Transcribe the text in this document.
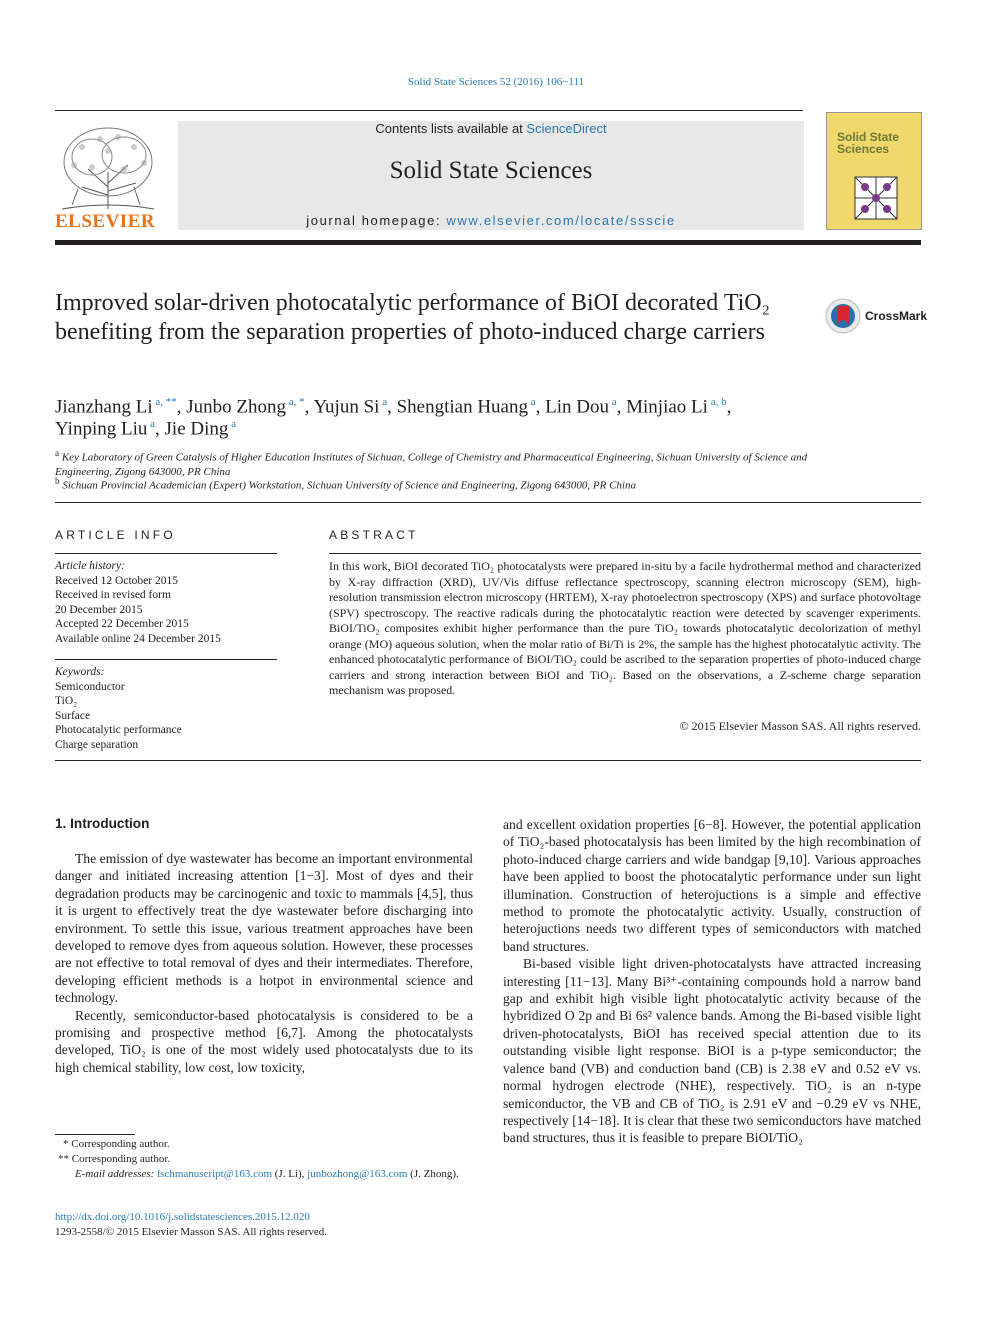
Solid State Sciences 52 (2016) 106−111
ELSEVIER
Contents lists available at ScienceDirect
Solid State Sciences
journal homepage: www.elsevier.com/locate/ssscie
Solid State Sciences
Improved solar-driven photocatalytic performance of BiOI decorated TiO₂ benefiting from the separation properties of photo-induced charge carriers
CrossMark
Jianzhang Li $^{a, **}$, Junbo Zhong $^{a, *}$, Yujun Si $^a$, Shengtian Huang $^a$, Lin Dou $^a$, Minjiao Li $^{a, b}$,
Yinping Liu $^a$, Jie Ding $^a$
$^a$ Key Laboratory of Green Catalysis of Higher Education Institutes of Sichuan, College of Chemistry and Pharmaceutical Engineering, Sichuan University of Science and Engineering, Zigong 643000, PR China
$^b$ Sichuan Provincial Academician (Expert) Workstation, Sichuan University of Science and Engineering, Zigong 643000, PR China
ARTICLE INFO	ABSTRACT
Article history:
Received 12 October 2015
Received in revised form
20 December 2015
Accepted 22 December 2015
Available online 24 December 2015
Keywords:
Semiconductor
TiO₂
Surface
Photocatalytic performance
Charge separation
In this work, BiOI decorated TiO₂ photocatalysts were prepared in-situ by a facile hydrothermal method and characterized by X-ray diffraction (XRD), UV/Vis diffuse reflectance spectroscopy, scanning electron microscopy (SEM), high-resolution transmission electron microscopy (HRTEM), X-ray photoelectron spectroscopy (XPS) and surface photovoltage (SPV) spectroscopy. The reactive radicals during the photocatalytic reaction were detected by scavenger experiments. BiOI/TiO₂ composites exhibit higher performance than the pure TiO₂ towards photocatalytic decolorization of methyl orange (MO) aqueous solution, when the molar ratio of Bi/Ti is 2%, the sample has the highest photocatalytic activity. The enhanced photocatalytic performance of BiOI/TiO₂ could be ascribed to the separation properties of photo-induced charge carriers and strong interaction between BiOI and TiO₂. Based on the observations, a Z-scheme charge separation mechanism was proposed.
© 2015 Elsevier Masson SAS. All rights reserved.
1. Introduction

The emission of dye wastewater has become an important environmental danger and initiated increasing attention [1−3]. Most of dyes and their degradation products may be carcinogenic and toxic to mammals [4,5], thus it is urgent to effectively treat the dye wastewater before discharging into environment. To settle this issue, various treatment approaches have been developed to remove dyes from aqueous solution. However, these processes are not effective to total removal of dyes and their intermediates. Therefore, developing efficient methods is a hotpot in environmental science and technology.

Recently, semiconductor-based photocatalysis is considered to be a promising and prospective method [6,7]. Among the photocatalysts developed, TiO₂ is one of the most widely used photocatalysts due to its high chemical stability, low cost, low toxicity,

and excellent oxidation properties [6−8]. However, the potential application of TiO₂-based photocatalysis has been limited by the high recombination of photo-induced charge carriers and wide bandgap [9,10]. Various approaches have been applied to boost the photocatalytic performance under sun light illumination. Construction of heterojuctions is a simple and effective method to promote the photocatalytic activity. Usually, construction of heterojuctions needs two different types of semiconductors with matched band structures.

Bi-based visible light driven-photocatalysts have attracted increasing interesting [11−13]. Many Bi³⁺-containing compounds hold a narrow band gap and exhibit high visible light photocatalytic activity because of the hybridized O 2p and Bi 6s² valence bands. Among the Bi-based visible light driven-photocatalysts, BiOI has received special attention due to its outstanding visible light response. BiOI is a p-type semiconductor; the valence band (VB) and conduction band (CB) is 2.38 eV and 0.52 eV vs. normal hydrogen electrode (NHE), respectively. TiO₂ is an n-type semiconductor, the VB and CB of TiO₂ is 2.91 eV and −0.29 eV vs NHE, respectively [14−18]. It is clear that these two semiconductors have matched band structures, thus it is feasible to prepare BiOI/TiO₂

* Corresponding author.
** Corresponding author.
E-mail addresses: lschmanuscript@163.com (J. Li), junbozhong@163.com (J. Zhong).
http://dx.doi.org/10.1016/j.solidstatesciences.2015.12.020
1293-2558/© 2015 Elsevier Masson SAS. All rights reserved.
